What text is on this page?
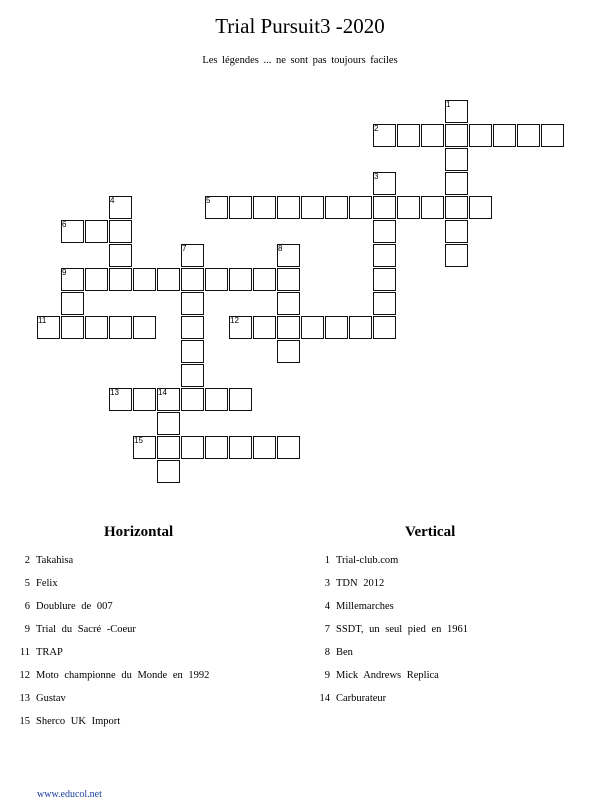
Trial Pursuit3 -2020
Les légendes ... ne sont pas toujours faciles
1
2
3
4	5
6
7	8
9
11	12
13	14
15
Horizontal	Vertical
2 Takahisa
5 Felix
6 Doublure de 007
9 Trial du Sacré -Coeur
11 TRAP
12 Moto championne du Monde en 1992
13 Gustav
15 Sherco UK Import
1 Trial-club.com
3 TDN 2012
4 Millemarches
7 SSDT, un seul pied en 1961
8 Ben
9 Mick Andrews Replica
14 Carburateur
www.educol.net
